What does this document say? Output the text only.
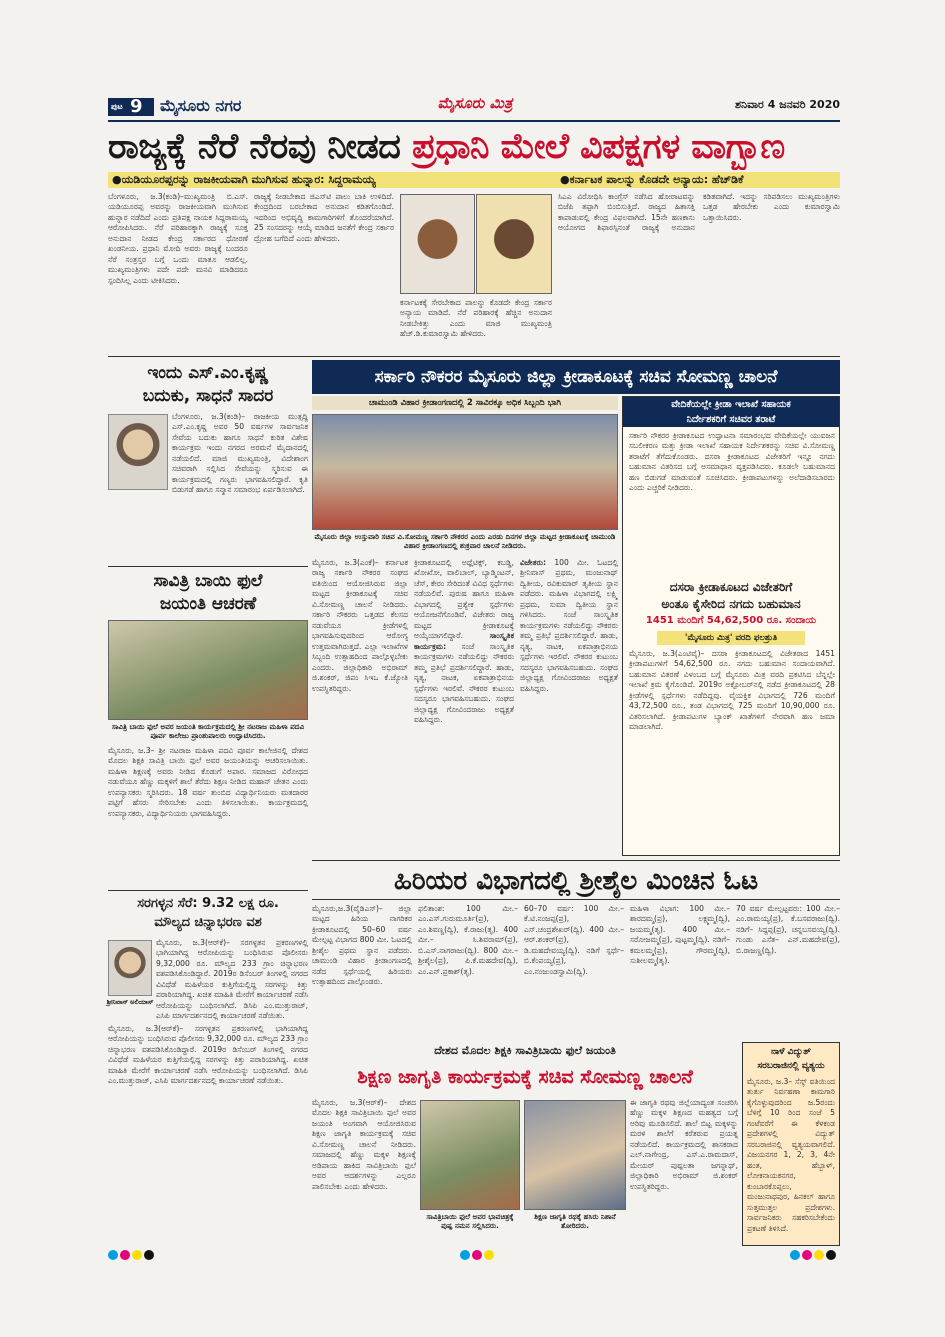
ಪುಟ 9 ಮೈಸೂರು ನಗರ	ಮೈಸೂರು ಮಿತ್ರ	ಶನಿವಾರ 4 ಜನವರಿ 2020
ರಾಜ್ಯಕ್ಕೆ ನೆರೆ ನೆರವು ನೀಡದ ಪ್ರಧಾನಿ ಮೇಲೆ ವಿಪಕ್ಷಗಳ ವಾಗ್ಬಾಣ
●ಯಡಿಯೂರಪ್ಪರನ್ನು ರಾಜಕೀಯವಾಗಿ ಮುಗಿಸುವ ಹುನ್ನಾರ: ಸಿದ್ದರಾಮಯ್ಯ	●ಕರ್ನಾಟಕ ಪಾಲನ್ನು ಕೊಡದೇ ಅನ್ಯಾಯ: ಹೆಚ್‌ಡಿಕೆ
ಬೆಂಗಳೂರು, ಜ.3(ಕಂಡಿ)–ಮುಖ್ಯಮಂತ್ರಿ ಬಿ.ಎಸ್. ಯಡಿಯೂರಪ್ಪ ಅವರನ್ನು ರಾಜಕೀಯವಾಗಿ ಮುಗಿಸುವ ಹುನ್ನಾರ ನಡೆದಿದೆ ಎಂದು ಪ್ರತಿಪಕ್ಷ ನಾಯಕ ಸಿದ್ದರಾಮಯ್ಯ ಆರೋಪಿಸಿದರು. ನೆರೆ ಪರಿಹಾರಕ್ಕಾಗಿ ರಾಜ್ಯಕ್ಕೆ ಸೂಕ್ತ ಅನುದಾನ ನೀಡದ ಕೇಂದ್ರ ಸರ್ಕಾರದ ಧೋರಣೆ ಖಂಡನೀಯ. ಪ್ರಧಾನಿ ಮೋದಿ ಅವರು ರಾಜ್ಯಕ್ಕೆ ಬಂದರೂ ನೆರೆ ಸಂತ್ರಸ್ತರ ಬಗ್ಗೆ ಒಂದು ಮಾತೂ ಆಡಲಿಲ್ಲ. ಮುಖ್ಯಮಂತ್ರಿಗಳು ಪದೇ ಪದೇ ಮನವಿ ಮಾಡಿದರೂ ಸ್ಪಂದಿಸಿಲ್ಲ ಎಂದು ಟೀಕಿಸಿದರು.
ರಾಜ್ಯಕ್ಕೆ ನೀಡಬೇಕಾದ ಜಿಎಸ್‌ಟಿ ಪಾಲು ಬಾಕಿ ಉಳಿದಿದೆ. ಕೇಂದ್ರದಿಂದ ಬರಬೇಕಾದ ಅನುದಾನ ಕಡಿತಗೊಂಡಿದೆ. ಇದರಿಂದ ಅಭಿವೃದ್ಧಿ ಕಾಮಗಾರಿಗಳಿಗೆ ತೊಂದರೆಯಾಗಿದೆ. 25 ಸಂಸದರನ್ನು ಆಯ್ಕೆ ಮಾಡಿದ ಜನತೆಗೆ ಕೇಂದ್ರ ಸರ್ಕಾರ ದ್ರೋಹ ಬಗೆದಿದೆ ಎಂದು ಹೇಳಿದರು.
ಕರ್ನಾಟಕಕ್ಕೆ ಸೇರಬೇಕಾದ ಪಾಲನ್ನು ಕೊಡದೇ ಕೇಂದ್ರ ಸರ್ಕಾರ ಅನ್ಯಾಯ ಮಾಡಿದೆ. ನೆರೆ ಪರಿಹಾರಕ್ಕೆ ಹೆಚ್ಚಿನ ಅನುದಾನ ನೀಡಬೇಕಿತ್ತು ಎಂದು ಮಾಜಿ ಮುಖ್ಯಮಂತ್ರಿ ಹೆಚ್.ಡಿ.ಕುಮಾರಸ್ವಾಮಿ ಹೇಳಿದರು.
ಸಿಎಎ ವಿರೋಧಿಸಿ ಕಾಂಗ್ರೆಸ್ ನಡೆಸಿದ ಹೋರಾಟವನ್ನು ಬಿಜೆಪಿ ತಪ್ಪಾಗಿ ಬಿಂಬಿಸುತ್ತಿದೆ. ರಾಜ್ಯದ ಹಿತಾಸಕ್ತಿ ಕಾಪಾಡುವಲ್ಲಿ ಕೇಂದ್ರ ವಿಫಲವಾಗಿದೆ. 15ನೇ ಹಣಕಾಸು ಆಯೋಗದ ಶಿಫಾರಸ್ಸಿನಂತೆ ರಾಜ್ಯಕ್ಕೆ ಅನುದಾನ ಕಡಿತವಾಗಿದೆ. ಇದನ್ನು ಸರಿಪಡಿಸಲು ಮುಖ್ಯಮಂತ್ರಿಗಳು ಒತ್ತಡ ಹೇರಬೇಕು ಎಂದು ಕುಮಾರಸ್ವಾಮಿ ಒತ್ತಾಯಿಸಿದರು.
ಇಂದು ಎಸ್.ಎಂ.ಕೃಷ್ಣ
ಬದುಕು, ಸಾಧನೆ ಸಾದರ
ಬೆಂಗಳೂರು, ಜ.3(ಕಂಡಿ)– ರಾಜಕೀಯ ಮುತ್ಸದ್ದಿ ಎಸ್.ಎಂ.ಕೃಷ್ಣ ಅವರ 50 ವರ್ಷಗಳ ಸಾರ್ವಜನಿಕ ಸೇವೆಯ ಬದುಕು ಹಾಗೂ ಸಾಧನೆ ಕುರಿತ ವಿಶೇಷ ಕಾರ್ಯಕ್ರಮ ಇಂದು ನಗರದ ಅರಮನೆ ಮೈದಾನದಲ್ಲಿ ನಡೆಯಲಿದೆ. ಮಾಜಿ ಮುಖ್ಯಮಂತ್ರಿ, ವಿದೇಶಾಂಗ ಸಚಿವರಾಗಿ ಸಲ್ಲಿಸಿದ ಸೇವೆಯನ್ನು ಸ್ಮರಿಸುವ ಈ ಕಾರ್ಯಕ್ರಮದಲ್ಲಿ ಗಣ್ಯರು ಭಾಗವಹಿಸಲಿದ್ದಾರೆ. ಕೃತಿ ಬಿಡುಗಡೆ ಹಾಗೂ ಸನ್ಮಾನ ಸಮಾರಂಭ ಏರ್ಪಡಿಸಲಾಗಿದೆ.
ಸಾವಿತ್ರಿ ಬಾಯಿ ಫುಲೆ
ಜಯಂತಿ ಆಚರಣೆ
ಸಾವಿತ್ರಿ ಬಾಯಿ ಫುಲೆ ಅವರ ಜಯಂತಿ ಕಾರ್ಯಕ್ರಮದಲ್ಲಿ ಶ್ರೀ ನಟರಾಜ ಮಹಿಳಾ ಪದವಿ ಪೂರ್ವ ಕಾಲೇಜು ಪ್ರಾಂಶುಪಾಲರು ಉದ್ಘಾಟಿಸಿದರು.
ಮೈಸೂರು, ಜ.3– ಶ್ರೀ ನಟರಾಜ ಮಹಿಳಾ ಪದವಿ ಪೂರ್ವ ಕಾಲೇಜಿನಲ್ಲಿ ದೇಶದ ಮೊದಲ ಶಿಕ್ಷಕಿ ಸಾವಿತ್ರಿ ಬಾಯಿ ಫುಲೆ ಅವರ ಜಯಂತಿಯನ್ನು ಆಚರಿಸಲಾಯಿತು. ಮಹಿಳಾ ಶಿಕ್ಷಣಕ್ಕೆ ಅವರು ನೀಡಿದ ಕೊಡುಗೆ ಅಪಾರ. ಸಮಾಜದ ವಿರೋಧದ ನಡುವೆಯೂ ಹೆಣ್ಣು ಮಕ್ಕಳಿಗೆ ಶಾಲೆ ತೆರೆದು ಶಿಕ್ಷಣ ನೀಡಿದ ಮಹಾನ್ ಚೇತನ ಎಂದು ಉಪನ್ಯಾಸಕರು ಸ್ಮರಿಸಿದರು. 18 ವರ್ಷ ತುಂಬಿದ ವಿದ್ಯಾರ್ಥಿನಿಯರು ಮತದಾರರ ಪಟ್ಟಿಗೆ ಹೆಸರು ಸೇರಿಸಬೇಕು ಎಂದು ತಿಳಿಸಲಾಯಿತು. ಕಾರ್ಯಕ್ರಮದಲ್ಲಿ ಉಪನ್ಯಾಸಕರು, ವಿದ್ಯಾರ್ಥಿನಿಯರು ಭಾಗವಹಿಸಿದ್ದರು.
ಸರಗಳ್ಳನ ಸೆರೆ: 9.32 ಲಕ್ಷ ರೂ.
ಮೌಲ್ಯದ ಚಿನ್ನಾಭರಣ ವಶ
ಶ್ರೀನಿವಾಸ್ ಅಲಿಯಾಸ್
ಮೈಸೂರು, ಜ.3(ಆರ್‌ಕೆ)– ಸರಗಳ್ಳತನ ಪ್ರಕರಣಗಳಲ್ಲಿ ಭಾಗಿಯಾಗಿದ್ದ ಆರೋಪಿಯನ್ನು ಬಂಧಿಸಿರುವ ಪೊಲೀಸರು 9,32,000 ರೂ. ಮೌಲ್ಯದ 233 ಗ್ರಾಂ ಚಿನ್ನಾಭರಣ ವಶಪಡಿಸಿಕೊಂಡಿದ್ದಾರೆ. 2019ರ ಡಿಸೆಂಬರ್ ತಿಂಗಳಲ್ಲಿ ನಗರದ ವಿವಿಧೆಡೆ ಮಹಿಳೆಯರ ಕುತ್ತಿಗೆಯಲ್ಲಿದ್ದ ಸರಗಳನ್ನು ಕಿತ್ತು ಪರಾರಿಯಾಗಿದ್ದ. ಖಚಿತ ಮಾಹಿತಿ ಮೇರೆಗೆ ಕಾರ್ಯಾಚರಣೆ ನಡೆಸಿ ಆರೋಪಿಯನ್ನು ಬಂಧಿಸಲಾಗಿದೆ. ಡಿಸಿಪಿ ಎಂ.ಮುತ್ತುರಾಜ್, ಎಸಿಪಿ ಮಾರ್ಗದರ್ಶನದಲ್ಲಿ ಕಾರ್ಯಾಚರಣೆ ನಡೆಯಿತು.
ಮೈಸೂರು, ಜ.3(ಆರ್‌ಕೆ)– ಸರಗಳ್ಳತನ ಪ್ರಕರಣಗಳಲ್ಲಿ ಭಾಗಿಯಾಗಿದ್ದ ಆರೋಪಿಯನ್ನು ಬಂಧಿಸಿರುವ ಪೊಲೀಸರು 9,32,000 ರೂ. ಮೌಲ್ಯದ 233 ಗ್ರಾಂ ಚಿನ್ನಾಭರಣ ವಶಪಡಿಸಿಕೊಂಡಿದ್ದಾರೆ. 2019ರ ಡಿಸೆಂಬರ್ ತಿಂಗಳಲ್ಲಿ ನಗರದ ವಿವಿಧೆಡೆ ಮಹಿಳೆಯರ ಕುತ್ತಿಗೆಯಲ್ಲಿದ್ದ ಸರಗಳನ್ನು ಕಿತ್ತು ಪರಾರಿಯಾಗಿದ್ದ. ಖಚಿತ ಮಾಹಿತಿ ಮೇರೆಗೆ ಕಾರ್ಯಾಚರಣೆ ನಡೆಸಿ ಆರೋಪಿಯನ್ನು ಬಂಧಿಸಲಾಗಿದೆ. ಡಿಸಿಪಿ ಎಂ.ಮುತ್ತುರಾಜ್, ಎಸಿಪಿ ಮಾರ್ಗದರ್ಶನದಲ್ಲಿ ಕಾರ್ಯಾಚರಣೆ ನಡೆಯಿತು.
ಸರ್ಕಾರಿ ನೌಕರರ ಮೈಸೂರು ಜಿಲ್ಲಾ ಕ್ರೀಡಾಕೂಟಕ್ಕೆ ಸಚಿವ ಸೋಮಣ್ಣ ಚಾಲನೆ
ಚಾಮುಂಡಿ ವಿಹಾರ ಕ್ರೀಡಾಂಗಣದಲ್ಲಿ 2 ಸಾವಿರಕ್ಕೂ ಅಧಿಕ ಸಿಬ್ಬಂದಿ ಭಾಗಿ
ಮೈಸೂರು ಜಿಲ್ಲಾ ಉಸ್ತುವಾರಿ ಸಚಿವ ವಿ.ಸೋಮಣ್ಣ ಸರ್ಕಾರಿ ನೌಕರರ ಎಂದು ಎರಡು ದಿನಗಳ ಜಿಲ್ಲಾ ಮಟ್ಟದ ಕ್ರೀಡಾಕೂಟಕ್ಕೆ ಚಾಮುಂಡಿ ವಿಹಾರ ಕ್ರೀಡಾಂಗಣದಲ್ಲಿ ಶುಕ್ರವಾರ ಚಾಲನೆ ನೀಡಿದರು.
ಮೈಸೂರು, ಜ.3(ಎಂಕೆ)– ಕರ್ನಾಟಕ ರಾಜ್ಯ ಸರ್ಕಾರಿ ನೌಕರರ ಸಂಘದ ವತಿಯಿಂದ ಆಯೋಜಿಸಿರುವ ಜಿಲ್ಲಾ ಮಟ್ಟದ ಕ್ರೀಡಾಕೂಟಕ್ಕೆ ಸಚಿವ ವಿ.ಸೋಮಣ್ಣ ಚಾಲನೆ ನೀಡಿದರು. ಸರ್ಕಾರಿ ನೌಕರರು ಒತ್ತಡದ ಕೆಲಸದ ನಡುವೆಯೂ ಕ್ರೀಡೆಗಳಲ್ಲಿ ಭಾಗವಹಿಸುವುದರಿಂದ ಆರೋಗ್ಯ ಉತ್ತಮವಾಗಿರುತ್ತದೆ. ಎಲ್ಲಾ ಇಲಾಖೆಗಳ ಸಿಬ್ಬಂದಿ ಉತ್ಸಾಹದಿಂದ ಪಾಲ್ಗೊಳ್ಳಬೇಕು ಎಂದರು. ಜಿಲ್ಲಾಧಿಕಾರಿ ಅಭಿರಾಮ್ ಜಿ.ಶಂಕರ್, ಜಿಪಂ ಸಿಇಒ ಕೆ.ಜ್ಯೋತಿ ಉಪಸ್ಥಿತರಿದ್ದರು.
ಕ್ರೀಡಾಕೂಟದಲ್ಲಿ ಅಥ್ಲೆಟಿಕ್ಸ್, ಕಬಡ್ಡಿ, ಖೋಖೋ, ವಾಲಿಬಾಲ್, ಬ್ಯಾಡ್ಮಿಂಟನ್, ಚೆಸ್, ಕೇರಂ ಸೇರಿದಂತೆ ವಿವಿಧ ಸ್ಪರ್ಧೆಗಳು ನಡೆಯಲಿವೆ. ಪುರುಷ ಹಾಗೂ ಮಹಿಳಾ ವಿಭಾಗದಲ್ಲಿ ಪ್ರತ್ಯೇಕ ಸ್ಪರ್ಧೆಗಳು ಆಯೋಜನೆಗೊಂಡಿವೆ. ವಿಜೇತರು ರಾಜ್ಯ ಮಟ್ಟದ ಕ್ರೀಡಾಕೂಟಕ್ಕೆ ಆಯ್ಕೆಯಾಗಲಿದ್ದಾರೆ.	ಸಾಂಸ್ಕೃತಿಕ ಕಾರ್ಯಕ್ರಮ: ಸಂಜೆ ಸಾಂಸ್ಕೃತಿಕ ಕಾರ್ಯಕ್ರಮಗಳು ನಡೆಯಲಿದ್ದು ನೌಕರರು ತಮ್ಮ ಪ್ರತಿಭೆ ಪ್ರದರ್ಶಿಸಲಿದ್ದಾರೆ. ಹಾಡು, ನೃತ್ಯ, ನಾಟಕ, ಏಕಪಾತ್ರಾಭಿನಯ ಸ್ಪರ್ಧೆಗಳು ಇರಲಿವೆ. ನೌಕರರ ಕುಟುಂಬ ಸದಸ್ಯರೂ ಭಾಗವಹಿಸಬಹುದು. ಸಂಘದ ಜಿಲ್ಲಾಧ್ಯಕ್ಷ ಗೋವಿಂದರಾಜು ಅಧ್ಯಕ್ಷತೆ ವಹಿಸಿದ್ದರು.
ವಿಜೇತರು: 100 ಮೀ. ಓಟದಲ್ಲಿ ಶ್ರೀನಿವಾಸ್ ಪ್ರಥಮ, ಮಂಜುನಾಥ್ ದ್ವಿತೀಯ, ರವಿಕುಮಾರ್ ತೃತೀಯ ಸ್ಥಾನ ಪಡೆದರು. ಮಹಿಳಾ ವಿಭಾಗದಲ್ಲಿ ಲಕ್ಷ್ಮಿ ಪ್ರಥಮ, ಸುಮಾ ದ್ವಿತೀಯ ಸ್ಥಾನ ಗಳಿಸಿದರು. ಸಂಜೆ ಸಾಂಸ್ಕೃತಿಕ ಕಾರ್ಯಕ್ರಮಗಳು ನಡೆಯಲಿದ್ದು ನೌಕರರು ತಮ್ಮ ಪ್ರತಿಭೆ ಪ್ರದರ್ಶಿಸಲಿದ್ದಾರೆ. ಹಾಡು, ನೃತ್ಯ, ನಾಟಕ, ಏಕಪಾತ್ರಾಭಿನಯ ಸ್ಪರ್ಧೆಗಳು ಇರಲಿವೆ. ನೌಕರರ ಕುಟುಂಬ ಸದಸ್ಯರೂ ಭಾಗವಹಿಸಬಹುದು. ಸಂಘದ ಜಿಲ್ಲಾಧ್ಯಕ್ಷ ಗೋವಿಂದರಾಜು ಅಧ್ಯಕ್ಷತೆ ವಹಿಸಿದ್ದರು.
ವೇದಿಕೆಯಲ್ಲೇ ಕ್ರೀಡಾ ಇಲಾಖೆ ಸಹಾಯಕ
ನಿರ್ದೇಶಕರಿಗೆ ಸಚಿವರ ತರಾಟೆ
ಸರ್ಕಾರಿ ನೌಕರರ ಕ್ರೀಡಾಕೂಟದ ಉದ್ಘಾಟನಾ ಸಮಾರಂಭದ ವೇದಿಕೆಯಲ್ಲೇ ಯುವಜನ ಸಬಲೀಕರಣ ಮತ್ತು ಕ್ರೀಡಾ ಇಲಾಖೆ ಸಹಾಯಕ ನಿರ್ದೇಶಕರನ್ನು ಸಚಿವ ವಿ.ಸೋಮಣ್ಣ ತರಾಟೆಗೆ ತೆಗೆದುಕೊಂಡರು. ದಸರಾ ಕ್ರೀಡಾಕೂಟದ ವಿಜೇತರಿಗೆ ಇನ್ನೂ ನಗದು ಬಹುಮಾನ ವಿತರಿಸದ ಬಗ್ಗೆ ಅಸಮಾಧಾನ ವ್ಯಕ್ತಪಡಿಸಿದರು. ಕೂಡಲೇ ಬಹುಮಾನದ ಹಣ ಬಿಡುಗಡೆ ಮಾಡುವಂತೆ ಸೂಚಿಸಿದರು. ಕ್ರೀಡಾಪಟುಗಳನ್ನು ಅಲೆದಾಡಿಸಬಾರದು ಎಂದು ಎಚ್ಚರಿಕೆ ನೀಡಿದರು.
ದಸರಾ ಕ್ರೀಡಾಕೂಟದ ವಿಜೇತರಿಗೆ
ಅಂತೂ ಕೈಸೇರಿದ ನಗದು ಬಹುಮಾನ
1451 ಮಂದಿಗೆ 54,62,500 ರೂ. ಸಂದಾಯ
'ಮೈಸೂರು ಮಿತ್ರ' ವರದಿ ಫಲಶ್ರುತಿ
ಮೈಸೂರು, ಜ.3(ಎಂಟಿವೈ)– ದಸರಾ ಕ್ರೀಡಾಕೂಟದಲ್ಲಿ ವಿಜೇತರಾದ 1451 ಕ್ರೀಡಾಪಟುಗಳಿಗೆ 54,62,500 ರೂ. ನಗದು ಬಹುಮಾನ ಸಂದಾಯವಾಗಿದೆ. ಬಹುಮಾನ ವಿತರಣೆ ವಿಳಂಬದ ಬಗ್ಗೆ ಮೈಸೂರು ಮಿತ್ರ ವರದಿ ಪ್ರಕಟಿಸಿದ ಬೆನ್ನಲ್ಲೇ ಇಲಾಖೆ ಕ್ರಮ ಕೈಗೊಂಡಿದೆ. 2019ರ ಅಕ್ಟೋಬರ್‌ನಲ್ಲಿ ನಡೆದ ಕ್ರೀಡಾಕೂಟದಲ್ಲಿ 28 ಕ್ರೀಡೆಗಳಲ್ಲಿ ಸ್ಪರ್ಧೆಗಳು ನಡೆದಿದ್ದವು. ವೈಯಕ್ತಿಕ ವಿಭಾಗದಲ್ಲಿ 726 ಮಂದಿಗೆ 43,72,500 ರೂ., ತಂಡ ವಿಭಾಗದಲ್ಲಿ 725 ಮಂದಿಗೆ 10,90,000 ರೂ. ವಿತರಿಸಲಾಗಿದೆ. ಕ್ರೀಡಾಪಟುಗಳ ಬ್ಯಾಂಕ್ ಖಾತೆಗಳಿಗೆ ನೇರವಾಗಿ ಹಣ ಜಮಾ ಮಾಡಲಾಗಿದೆ.
ಹಿರಿಯರ ವಿಭಾಗದಲ್ಲಿ ಶ್ರೀಶೈಲ ಮಿಂಚಿನ ಓಟ
ಮೈಸೂರು,ಜ.3(ವೈಡಿಎಸ್)– ಜಿಲ್ಲಾ ಮಟ್ಟದ ಹಿರಿಯ ನಾಗರಿಕರ ಕ್ರೀಡಾಕೂಟದಲ್ಲಿ 50–60 ವರ್ಷ ಮೇಲ್ಪಟ್ಟ ವಿಭಾಗದ 800 ಮೀ. ಓಟದಲ್ಲಿ ಶ್ರೀಶೈಲ ಪ್ರಥಮ ಸ್ಥಾನ ಪಡೆದರು. ಚಾಮುಂಡಿ ವಿಹಾರ ಕ್ರೀಡಾಂಗಣದಲ್ಲಿ ನಡೆದ ಸ್ಪರ್ಧೆಯಲ್ಲಿ ಹಿರಿಯರು ಉತ್ಸಾಹದಿಂದ ಪಾಲ್ಗೊಂಡರು.
ಫಲಿತಾಂಶ: 100 ಮೀ.– ಎಂ.ಎಸ್.ಗುರುಮೂರ್ತಿ(ಪ್ರ), ಎಂ.ಶಿವಣ್ಣ(ದ್ವಿ), ಕೆ.ರಾಜು(ತೃ). 400 ಮೀ.– ಸಿ.ಶಿವರಾಮ್(ಪ್ರ), ಬಿ.ಎಸ್.ನಾಗರಾಜು(ದ್ವಿ). 800 ಮೀ.– ಶ್ರೀಶೈಲ(ಪ್ರ), ಪಿ.ಕೆ.ಮಹದೇವ(ದ್ವಿ), ಎಂ.ಎನ್.ಪ್ರಕಾಶ್(ತೃ).
60–70 ವರ್ಷ: 100 ಮೀ.– ಕೆ.ಟಿ.ನಂಜಪ್ಪ(ಪ್ರ), ಎಸ್.ಚಂದ್ರಶೇಖರ್(ದ್ವಿ). 400 ಮೀ.– ಆರ್.ಶಂಕರ್(ಪ್ರ), ಡಿ.ಮಹದೇವಯ್ಯ(ದ್ವಿ). ನಡಿಗೆ ಸ್ಪರ್ಧೆ– ಬಿ.ಕೆಂಪಯ್ಯ(ಪ್ರ), ಎಂ.ನಂಜುಂಡಸ್ವಾಮಿ(ದ್ವಿ).
ಮಹಿಳಾ ವಿಭಾಗ: 100 ಮೀ.– ಶಾರದಮ್ಮ(ಪ್ರ), ಲಕ್ಷ್ಮಮ್ಮ(ದ್ವಿ), ಜಯಮ್ಮ(ತೃ). 400 ಮೀ.– ಸರೋಜಮ್ಮ(ಪ್ರ), ಪುಟ್ಟಮ್ಮ(ದ್ವಿ). ನಡಿಗೆ– ಕಮಲಮ್ಮ(ಪ್ರ), ಗೌರಮ್ಮ(ದ್ವಿ), ಸುಶೀಲಮ್ಮ(ತೃ).
70 ವರ್ಷ ಮೇಲ್ಪಟ್ಟವರು: 100 ಮೀ.– ಎಂ.ರಾಮಯ್ಯ(ಪ್ರ), ಕೆ.ಬಸವರಾಜು(ದ್ವಿ). ನಡಿಗೆ– ಸಿದ್ದಪ್ಪ(ಪ್ರ), ಚನ್ನಬಸವಯ್ಯ(ದ್ವಿ). ಗುಂಡು ಎಸೆತ– ಎನ್.ಮಹದೇವ(ಪ್ರ), ಬಿ.ರಾಜಣ್ಣ(ದ್ವಿ).
ದೇಶದ ಮೊದಲ ಶಿಕ್ಷಕಿ ಸಾವಿತ್ರಿಬಾಯಿ ಫುಲೆ ಜಯಂತಿ
ಶಿಕ್ಷಣ ಜಾಗೃತಿ ಕಾರ್ಯಕ್ರಮಕ್ಕೆ ಸಚಿವ ಸೋಮಣ್ಣ ಚಾಲನೆ
ಮೈಸೂರು, ಜ.3(ಆರ್‌ಕೆ)– ದೇಶದ ಮೊದಲ ಶಿಕ್ಷಕಿ ಸಾವಿತ್ರಿಬಾಯಿ ಫುಲೆ ಅವರ ಜಯಂತಿ ಅಂಗವಾಗಿ ಆಯೋಜಿಸಿರುವ ಶಿಕ್ಷಣ ಜಾಗೃತಿ ಕಾರ್ಯಕ್ರಮಕ್ಕೆ ಸಚಿವ ವಿ.ಸೋಮಣ್ಣ ಚಾಲನೆ ನೀಡಿದರು. ಸಮಾಜದಲ್ಲಿ ಹೆಣ್ಣು ಮಕ್ಕಳ ಶಿಕ್ಷಣಕ್ಕೆ ಅಡಿಪಾಯ ಹಾಕಿದ ಸಾವಿತ್ರಿಬಾಯಿ ಫುಲೆ ಅವರ ಆದರ್ಶಗಳನ್ನು ಎಲ್ಲರೂ ಪಾಲಿಸಬೇಕು ಎಂದು ಹೇಳಿದರು.
ಸಾವಿತ್ರಿಬಾಯಿ ಫುಲೆ ಅವರ ಭಾವಚಿತ್ರಕ್ಕೆ ಪುಷ್ಪ ನಮನ ಸಲ್ಲಿಸಿದರು.
ಶಿಕ್ಷಣ ಜಾಗೃತಿ ರಥಕ್ಕೆ ಹಸಿರು ನಿಶಾನೆ ತೋರಿದರು.
ಈ ಜಾಗೃತಿ ರಥವು ಜಿಲ್ಲೆಯಾದ್ಯಂತ ಸಂಚರಿಸಿ ಹೆಣ್ಣು ಮಕ್ಕಳ ಶಿಕ್ಷಣದ ಮಹತ್ವದ ಬಗ್ಗೆ ಅರಿವು ಮೂಡಿಸಲಿದೆ. ಶಾಲೆ ಬಿಟ್ಟ ಮಕ್ಕಳನ್ನು ಮರಳಿ ಶಾಲೆಗೆ ಕರೆತರುವ ಪ್ರಯತ್ನ ನಡೆಯಲಿದೆ. ಕಾರ್ಯಕ್ರಮದಲ್ಲಿ ಶಾಸಕರಾದ ಎಲ್.ನಾಗೇಂದ್ರ, ಎಸ್.ಎ.ರಾಮದಾಸ್, ಮೇಯರ್ ಪುಷ್ಪಲತಾ ಜಗನ್ನಾಥ್, ಜಿಲ್ಲಾಧಿಕಾರಿ ಅಭಿರಾಮ್ ಜಿ.ಶಂಕರ್ ಉಪಸ್ಥಿತರಿದ್ದರು.
ನಾಳೆ ವಿದ್ಯುತ್
ಸರಬರಾಜಿನಲ್ಲಿ ವ್ಯತ್ಯಯ
ಮೈಸೂರು, ಜ.3– ಸೆಸ್ಕ್ ವತಿಯಿಂದ ತುರ್ತು ನಿರ್ವಹಣಾ ಕಾಮಗಾರಿ ಕೈಗೊಳ್ಳುವುದರಿಂದ ಜ.5ರಂದು ಬೆಳಿಗ್ಗೆ 10 ರಿಂದ ಸಂಜೆ 5 ಗಂಟೆವರೆಗೆ ಈ ಕೆಳಕಂಡ ಪ್ರದೇಶಗಳಲ್ಲಿ ವಿದ್ಯುತ್ ಸರಬರಾಜಿನಲ್ಲಿ ವ್ಯತ್ಯಯವಾಗಲಿದೆ. ವಿಜಯನಗರ 1, 2, 3, 4ನೇ ಹಂತ, ಹೆಬ್ಬಾಳ್, ಲೋಕನಾಯಕನಗರ, ಕುಂಬಾರಕೊಪ್ಪಲು, ಮಂಜುನಾಥಪುರ, ಹಿನಕಲ್ ಹಾಗೂ ಸುತ್ತಮುತ್ತಲ ಪ್ರದೇಶಗಳು. ಸಾರ್ವಜನಿಕರು ಸಹಕರಿಸಬೇಕೆಂದು ಪ್ರಕಟಣೆ ತಿಳಿಸಿದೆ.
